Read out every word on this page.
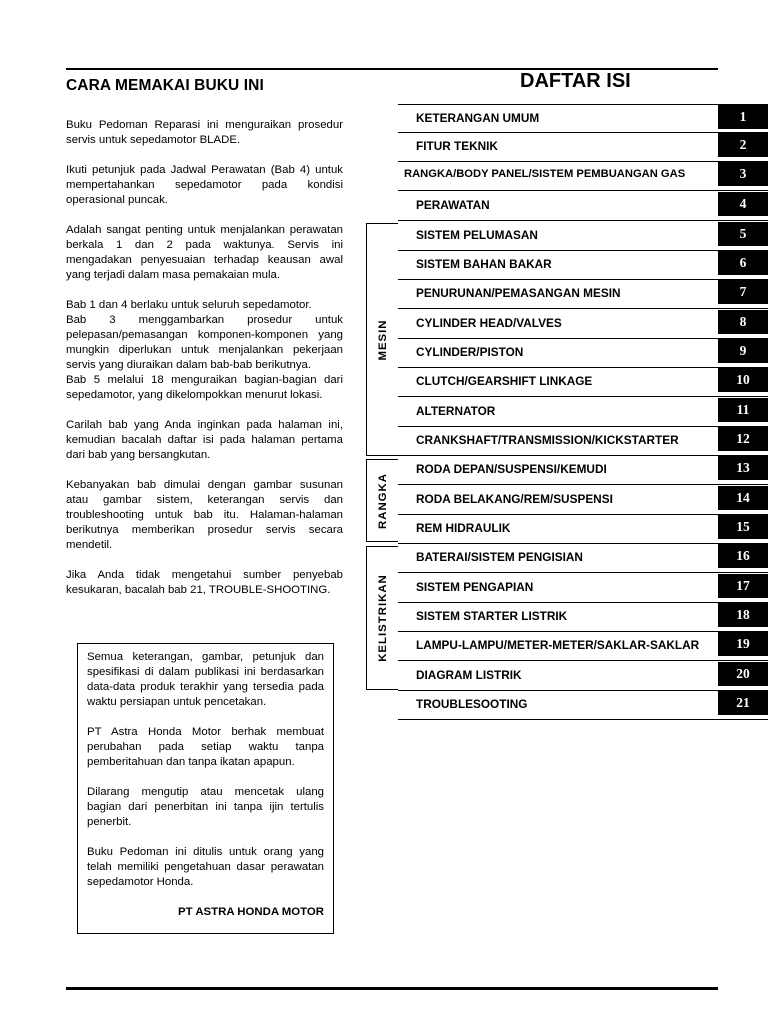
CARA MEMAKAI BUKU INI	DAFTAR ISI

Buku Pedoman Reparasi ini menguraikan prosedur servis untuk sepedamotor BLADE.

Ikuti petunjuk pada Jadwal Perawatan (Bab 4) untuk mempertahankan sepedamotor pada kondisi operasional puncak.

Adalah sangat penting untuk menjalankan perawatan berkala 1 dan 2 pada waktunya. Servis ini mengadakan penyesuaian terhadap keausan awal yang terjadi dalam masa pemakaian mula.

Bab 1 dan 4 berlaku untuk seluruh sepedamotor.

Bab 3 menggambarkan prosedur untuk pelepasan/pemasangan komponen-komponen yang mungkin diperlukan untuk menjalankan pekerjaan servis yang diuraikan dalam bab-bab berikutnya.

Bab 5 melalui 18 menguraikan bagian-bagian dari sepedamotor, yang dikelompokkan menurut lokasi.

Carilah bab yang Anda inginkan pada halaman ini, kemudian bacalah daftar isi pada halaman pertama dari bab yang bersangkutan.

Kebanyakan bab dimulai dengan gambar susunan atau gambar sistem, keterangan servis dan troubleshooting untuk bab itu. Halaman-halaman berikutnya memberikan prosedur servis secara mendetil.

Jika Anda tidak mengetahui sumber penyebab kesukaran, bacalah bab 21, TROUBLE-SHOOTING.

Semua keterangan, gambar, petunjuk dan spesifikasi di dalam publikasi ini berdasarkan data-data produk terakhir yang tersedia pada waktu persiapan untuk pencetakan.

PT Astra Honda Motor berhak membuat perubahan pada setiap waktu tanpa pemberitahuan dan tanpa ikatan apapun.

Dilarang mengutip atau mencetak ulang bagian dari penerbitan ini tanpa ijin tertulis penerbit.

Buku Pedoman ini ditulis untuk orang yang telah memiliki pengetahuan dasar perawatan sepedamotor Honda.

PT ASTRA HONDA MOTOR

MESIN
RANGKA
KELISTRIKAN
KETERANGAN UMUM	1
FITUR TEKNIK	2
RANGKA/BODY PANEL/SISTEM PEMBUANGAN GAS	3
PERAWATAN	4
SISTEM PELUMASAN	5
SISTEM BAHAN BAKAR	6
PENURUNAN/PEMASANGAN MESIN	7
CYLINDER HEAD/VALVES	8
CYLINDER/PISTON	9
CLUTCH/GEARSHIFT LINKAGE	10
ALTERNATOR	11
CRANKSHAFT/TRANSMISSION/KICKSTARTER	12
RODA DEPAN/SUSPENSI/KEMUDI	13
RODA BELAKANG/REM/SUSPENSI	14
REM HIDRAULIK	15
BATERAI/SISTEM PENGISIAN	16
SISTEM PENGAPIAN	17
SISTEM STARTER LISTRIK	18
LAMPU-LAMPU/METER-METER/SAKLAR-SAKLAR	19
DIAGRAM LISTRIK	20
TROUBLESOOTING	21
